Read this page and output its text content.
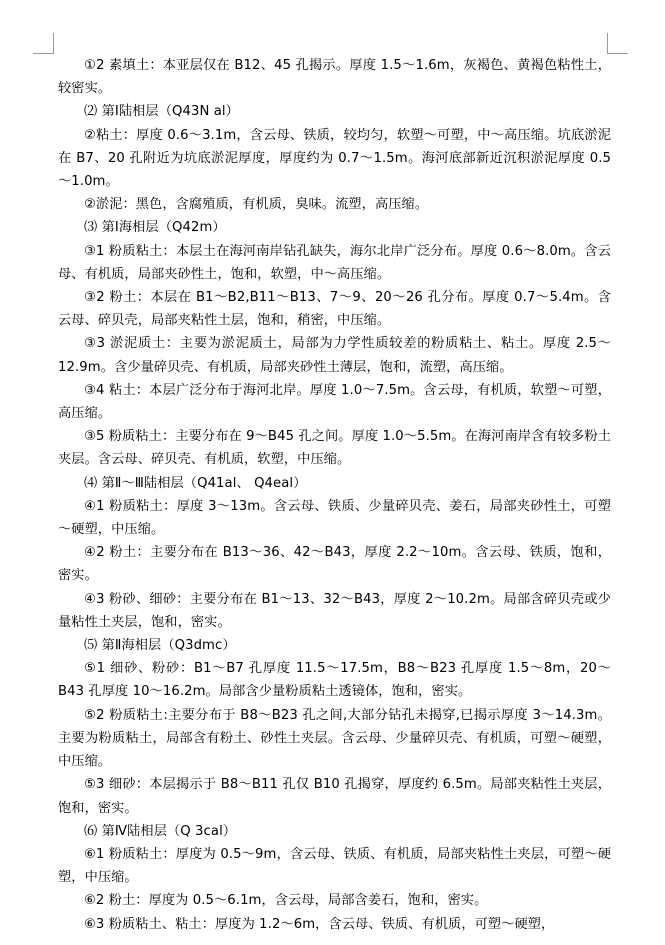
①2 素填土：本亚层仅在 B12、45 孔揭示。厚度 1.5～1.6m，灰褐色、黄褐色粘性土，较密实。

⑵ 第Ⅰ陆相层（Q43N al）

②粘土：厚度 0.6～3.1m，含云母、铁质，较均匀，软塑～可塑，中～高压缩。坑底淤泥在 B7、20 孔附近为坑底淤泥厚度，厚度约为 0.7～1.5m。海河底部新近沉积淤泥厚度 0.5～1.0m。

②淤泥：黑色，含腐殖质，有机质，臭味。流塑，高压缩。

⑶ 第Ⅰ海相层（Q42m）

③1 粉质粘土：本层土在海河南岸钻孔缺失，海尔北岸广泛分布。厚度 0.6～8.0m。含云母、有机质，局部夹砂性土，饱和，软塑，中～高压缩。

③2 粉土：本层在 B1～B2,B11～B13、7～9、20～26 孔分布。厚度 0.7～5.4m。含云母、碎贝壳，局部夹粘性土层，饱和，稍密，中压缩。

③3 淤泥质土：主要为淤泥质土，局部为力学性质较差的粉质粘土、粘土。厚度 2.5～12.9m。含少量碎贝壳、有机质，局部夹砂性土薄层，饱和，流塑，高压缩。

③4 粘土：本层广泛分布于海河北岸。厚度 1.0～7.5m。含云母，有机质，软塑～可塑，高压缩。

③5 粉质粘土：主要分布在 9～B45 孔之间。厚度 1.0～5.5m。在海河南岸含有较多粉土夹层。含云母、碎贝壳、有机质，软塑，中压缩。

⑷ 第Ⅱ～Ⅲ陆相层（Q41al、 Q4eal）

④1 粉质粘土：厚度 3～13m。含云母、铁质、少量碎贝壳、姜石，局部夹砂性土，可塑～硬塑，中压缩。

④2 粉土：主要分布在 B13～36、42～B43，厚度 2.2～10m。含云母、铁质，饱和，密实。

④3 粉砂、细砂：主要分布在 B1～13、32～B43，厚度 2～10.2m。局部含碎贝壳或少量粘性土夹层，饱和，密实。

⑸ 第Ⅱ海相层（Q3dmc）

⑤1 细砂、粉砂：B1～B7 孔厚度 11.5～17.5m，B8～B23 孔厚度 1.5～8m，20～B43 孔厚度 10～16.2m。局部含少量粉质粘土透镜体，饱和，密实。

⑤2 粉质粘土:主要分布于 B8～B23 孔之间,大部分钻孔未揭穿,已揭示厚度 3～14.3m。主要为粉质粘土，局部含有粉土、砂性土夹层。含云母、少量碎贝壳、有机质，可塑～硬塑，中压缩。

⑤3 细砂：本层揭示于 B8～B11 孔仅 B10 孔揭穿，厚度约 6.5m。局部夹粘性土夹层，饱和，密实。

⑹ 第Ⅳ陆相层（Q 3cal）

⑥1 粉质粘土：厚度为 0.5～9m，含云母、铁质、有机质，局部夹粘性土夹层，可塑～硬塑，中压缩。

⑥2 粉土：厚度为 0.5～6.1m，含云母，局部含姜石，饱和，密实。

⑥3 粉质粘土、粘土：厚度为 1.2～6m，含云母、铁质、有机质，可塑～硬塑，
